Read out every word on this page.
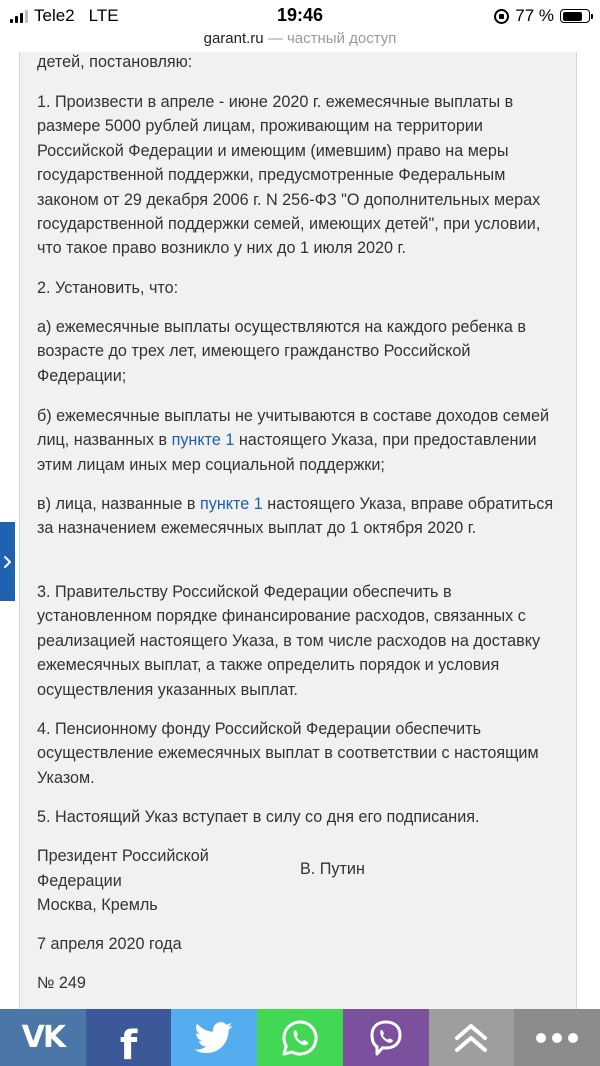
Tele2 LTE	19:46	77 %
garant.ru — частный доступ

детей, постановляю:

1. Произвести в апреле - июне 2020 г. ежемесячные выплаты в размере 5000 рублей лицам, проживающим на территории Российской Федерации и имеющим (имевшим) право на меры государственной поддержки, предусмотренные Федеральным законом от 29 декабря 2006 г. N 256-ФЗ "О дополнительных мерах государственной поддержки семей, имеющих детей", при условии, что такое право возникло у них до 1 июля 2020 г.

2. Установить, что:

а) ежемесячные выплаты осуществляются на каждого ребенка в возрасте до трех лет, имеющего гражданство Российской Федерации;

б) ежемесячные выплаты не учитываются в составе доходов семей лиц, названных в пункте 1 настоящего Указа, при предоставлении этим лицам иных мер социальной поддержки;

в) лица, названные в пункте 1 настоящего Указа, вправе обратиться за назначением ежемесячных выплат до 1 октября 2020 г.

3. Правительству Российской Федерации обеспечить в установленном порядке финансирование расходов, связанных с реализацией настоящего Указа, в том числе расходов на доставку ежемесячных выплат, а также определить порядок и условия осуществления указанных выплат.

4. Пенсионному фонду Российской Федерации обеспечить осуществление ежемесячных выплат в соответствии с настоящим Указом.

5. Настоящий Указ вступает в силу со дня его подписания.

Президент Российской

Федерации

В. Путин

Москва, Кремль

7 апреля 2020 года

№ 249

VK f
